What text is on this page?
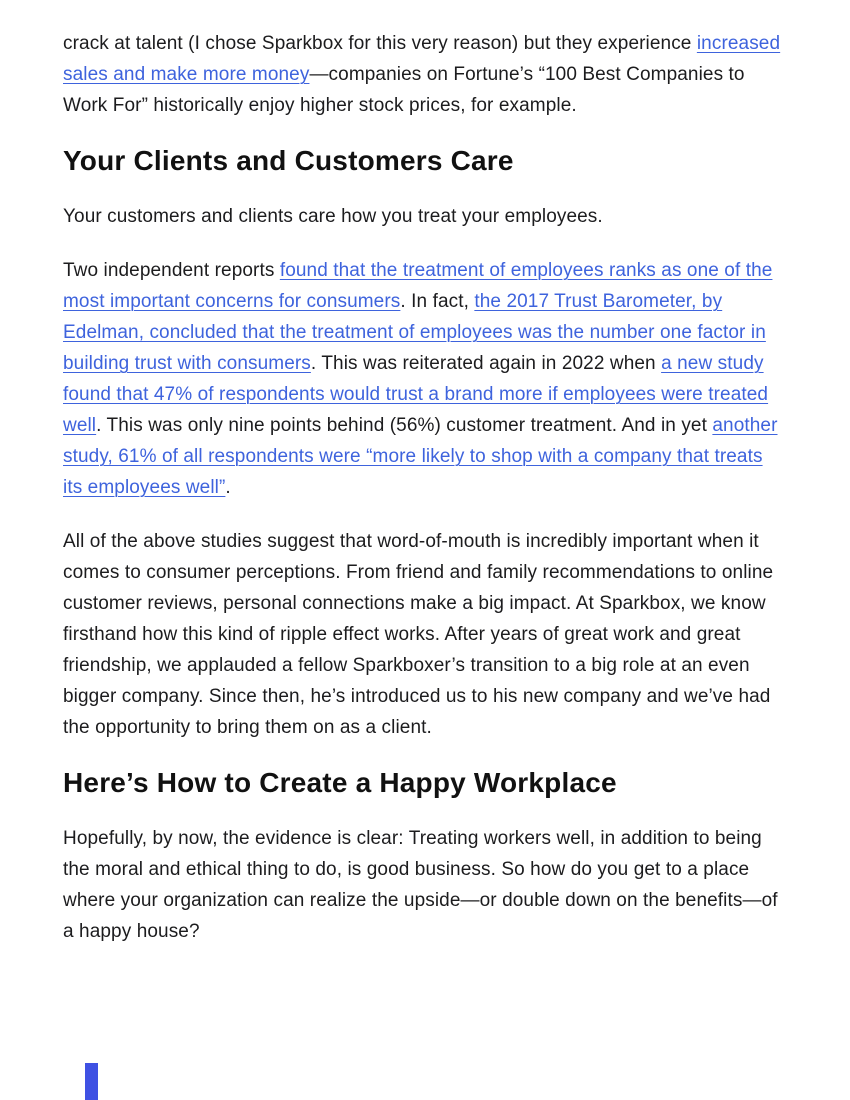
crack at talent (I chose Sparkbox for this very reason) but they experience increased sales and make more money—companies on Fortune’s “100 Best Companies to Work For” historically enjoy higher stock prices, for example.

Your Clients and Customers Care

Your customers and clients care how you treat your employees.

Two independent reports found that the treatment of employees ranks as one of the most important concerns for consumers. In fact, the 2017 Trust Barometer, by Edelman, concluded that the treatment of employees was the number one factor in building trust with consumers. This was reiterated again in 2022 when a new study found that 47% of respondents would trust a brand more if employees were treated well. This was only nine points behind (56%) customer treatment. And in yet another study, 61% of all respondents were “more likely to shop with a company that treats its employees well”.

All of the above studies suggest that word-of-mouth is incredibly important when it comes to consumer perceptions. From friend and family recommendations to online customer reviews, personal connections make a big impact. At Sparkbox, we know firsthand how this kind of ripple effect works. After years of great work and great friendship, we applauded a fellow Sparkboxer’s transition to a big role at an even bigger company. Since then, he’s introduced us to his new company and we’ve had the opportunity to bring them on as a client.

Here’s How to Create a Happy Workplace

Hopefully, by now, the evidence is clear: Treating workers well, in addition to being the moral and ethical thing to do, is good business. So how do you get to a place where your organization can realize the upside—or double down on the benefits—of a happy house?
